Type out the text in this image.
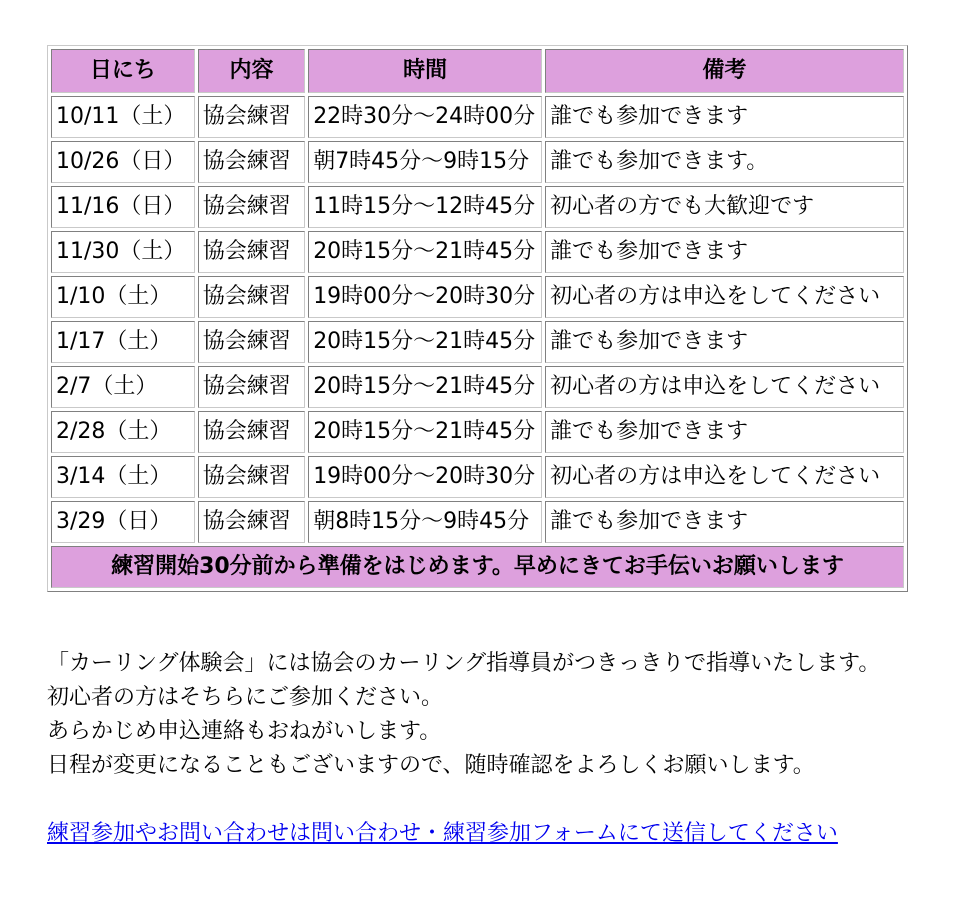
日にち	内容	時間	備考
10/11（土）	協会練習	22時30分～24時00分	誰でも参加できます
10/26（日）	協会練習	朝7時45分～9時15分	誰でも参加できます。
11/16（日）	協会練習	11時15分～12時45分	初心者の方でも大歓迎です
11/30（土）	協会練習	20時15分～21時45分	誰でも参加できます
1/10（土）	協会練習	19時00分～20時30分	初心者の方は申込をしてください
1/17（土）	協会練習	20時15分～21時45分	誰でも参加できます
2/7（土）	協会練習	20時15分～21時45分	初心者の方は申込をしてください
2/28（土）	協会練習	20時15分～21時45分	誰でも参加できます
3/14（土）	協会練習	19時00分～20時30分	初心者の方は申込をしてください
3/29（日）	協会練習	朝8時15分～9時45分	誰でも参加できます
練習開始30分前から準備をはじめます。早めにきてお手伝いお願いします			
「カーリング体験会」には協会のカーリング指導員がつきっきりで指導いたします。
初心者の方はそちらにご参加ください。
あらかじめ申込連絡もおねがいします。
日程が変更になることもございますので、随時確認をよろしくお願いします。
練習参加やお問い合わせは問い合わせ・練習参加フォームにて送信してください
